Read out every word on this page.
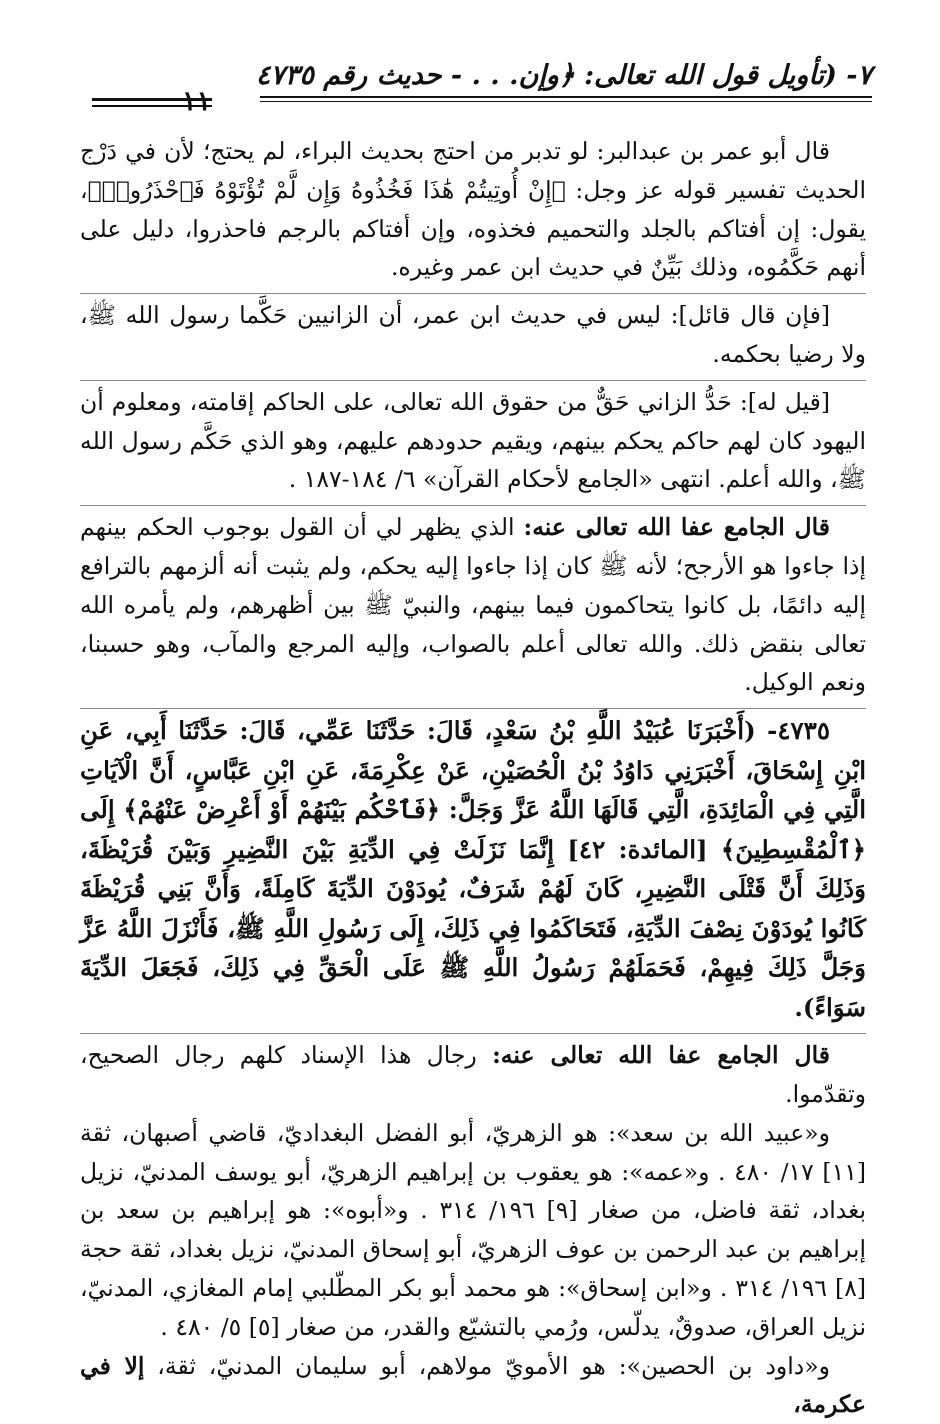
١١
٧- (تأويل قول الله تعالى: ﴿وإن. . . - حديث رقم ٤٧٣٥

قال أبو عمر بن عبدالبر: لو تدبر من احتج بحديث البراء، لم يحتج؛ لأن في دَرْج الحديث تفسير قوله عز وجل: ﴿إِنْ أُوتِيتُمْ هَٰذَا فَخُذُوهُ وَإِن لَّمْ تُؤْتَوْهُ فَٱحْذَرُوا۟﴾، يقول: إن أفتاكم بالجلد والتحميم فخذوه، وإن أفتاكم بالرجم فاحذروا، دليل على أنهم حَكَّمُوه، وذلك بَيِّنٌ في حديث ابن عمر وغيره.

[فإن قال قائل]: ليس في حديث ابن عمر، أن الزانيين حَكَّما رسول الله ﷺ، ولا رضيا بحكمه.

[قيل له]: حَدُّ الزاني حَقٌّ من حقوق الله تعالى، على الحاكم إقامته، ومعلوم أن اليهود كان لهم حاكم يحكم بينهم، ويقيم حدودهم عليهم، وهو الذي حَكَّم رسول الله ﷺ، والله أعلم. انتهى «الجامع لأحكام القرآن» ٦/ ١٨٤-١٨٧ .

قال الجامع عفا الله تعالى عنه: الذي يظهر لي أن القول بوجوب الحكم بينهم إذا جاءوا هو الأرجح؛ لأنه ﷺ كان إذا جاءوا إليه يحكم، ولم يثبت أنه ألزمهم بالترافع إليه دائمًا، بل كانوا يتحاكمون فيما بينهم، والنبيّ ﷺ بين أظهرهم، ولم يأمره الله تعالى بنقض ذلك. والله تعالى أعلم بالصواب، وإليه المرجع والمآب، وهو حسبنا، ونعم الوكيل.

٤٧٣٥- (أَخْبَرَنَا عُبَيْدُ اللَّهِ بْنُ سَعْدٍ، قَالَ: حَدَّثَنَا عَمِّي، قَالَ: حَدَّثَنَا أَبِي، عَنِ ابْنِ إِسْحَاقَ، أَخْبَرَنِي دَاوُدُ بْنُ الْحُصَيْنِ، عَنْ عِكْرِمَةَ، عَنِ ابْنِ عَبَّاسٍ، أَنَّ الْآيَاتِ الَّتِي فِي الْمَائِدَةِ، الَّتِي قَالَهَا اللَّهُ عَزَّ وَجَلَّ: ﴿فَٱحْكُم بَيْنَهُمْ أَوْ أَعْرِضْ عَنْهُمْ﴾ إِلَى ﴿ٱلْمُقْسِطِينَ﴾ [المائدة: ٤٢] إِنَّمَا نَزَلَتْ فِي الدِّيَةِ بَيْنَ النَّضِيرِ وَبَيْنَ قُرَيْظَةَ، وَذَلِكَ أَنَّ قَتْلَى النَّضِيرِ، كَانَ لَهُمْ شَرَفٌ، يُودَوْنَ الدِّيَةَ كَامِلَةً، وَأَنَّ بَنِي قُرَيْظَةَ كَانُوا يُودَوْنَ نِصْفَ الدِّيَةِ، فَتَحَاكَمُوا فِي ذَلِكَ، إِلَى رَسُولِ اللَّهِ ﷺ، فَأَنْزَلَ اللَّهُ عَزَّ وَجَلَّ ذَلِكَ فِيهِمْ، فَحَمَلَهُمْ رَسُولُ اللَّهِ ﷺ عَلَى الْحَقِّ فِي ذَلِكَ، فَجَعَلَ الدِّيَةَ سَوَاءً).

قال الجامع عفا الله تعالى عنه: رجال هذا الإسناد كلهم رجال الصحيح، وتقدّموا.

و«عبيد الله بن سعد»: هو الزهريّ، أبو الفضل البغداديّ، قاضي أصبهان، ثقة [١١] ١٧/ ٤٨٠ . و«عمه»: هو يعقوب بن إبراهيم الزهريّ، أبو يوسف المدنيّ، نزيل بغداد، ثقة فاضل، من صغار [٩] ١٩٦/ ٣١٤ . و«أبوه»: هو إبراهيم بن سعد بن إبراهيم بن عبد الرحمن بن عوف الزهريّ، أبو إسحاق المدنيّ، نزيل بغداد، ثقة حجة [٨] ١٩٦/ ٣١٤ . و«ابن إسحاق»: هو محمد أبو بكر المطّلبي إمام المغازي، المدنيّ، نزيل العراق، صدوقٌ، يدلّس، ورُمي بالتشيّع والقدر، من صغار [٥] ٥/ ٤٨٠ .

و«داود بن الحصين»: هو الأمويّ مولاهم، أبو سليمان المدنيّ، ثقة، إلا في عكرمة،
